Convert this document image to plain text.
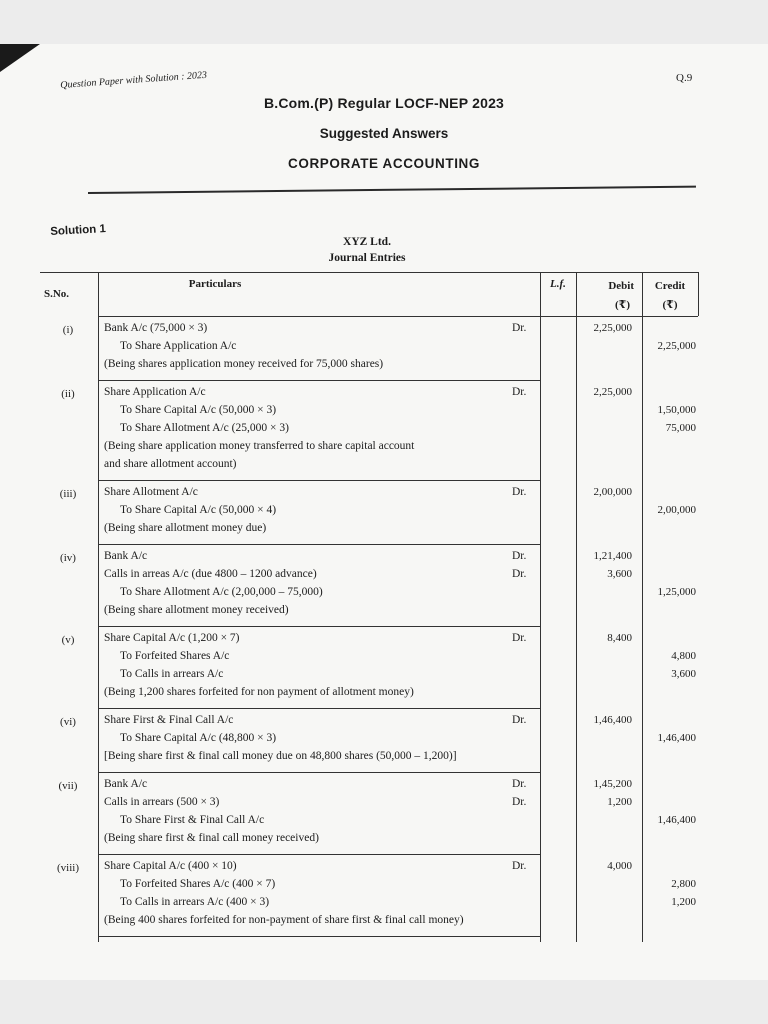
Question Paper with Solution : 2023	Q.9
B.Com.(P) Regular LOCF-NEP 2023
Suggested Answers
CORPORATE ACCOUNTING
Solution 1
XYZ Ltd.
Journal Entries
S.No.
Particulars	L.f.	Debit
(₹)
Credit
(₹)
(i)	Bank A/c (75,000 × 3)	Dr.	2,25,000
To Share Application A/c	2,25,000
(Being shares application money received for 75,000 shares)
(ii)	Share Application A/c	Dr.	2,25,000
To Share Capital A/c (50,000 × 3)	1,50,000
To Share Allotment A/c (25,000 × 3)	75,000
(Being share application money transferred to share capital account
and share allotment account)
(iii)	Share Allotment A/c	Dr.	2,00,000
To Share Capital A/c (50,000 × 4)	2,00,000
(Being share allotment money due)
(iv)	Bank A/c	Dr.	1,21,400
Calls in arreas A/c (due 4800 – 1200 advance)	Dr.	3,600
To Share Allotment A/c (2,00,000 – 75,000)	1,25,000
(Being share allotment money received)
(v)	Share Capital A/c (1,200 × 7)	Dr.	8,400
To Forfeited Shares A/c	4,800
To Calls in arrears A/c	3,600
(Being 1,200 shares forfeited for non payment of allotment money)
(vi)	Share First & Final Call A/c	Dr.	1,46,400
To Share Capital A/c (48,800 × 3)	1,46,400
[Being share first & final call money due on 48,800 shares (50,000 – 1,200)]
(vii)	Bank A/c	Dr.	1,45,200
Calls in arrears (500 × 3)	Dr.	1,200
To Share First & Final Call A/c	1,46,400
(Being share first & final call money received)
(viii)	Share Capital A/c (400 × 10)	Dr.	4,000
To Forfeited Shares A/c (400 × 7)	2,800
To Calls in arrears A/c (400 × 3)	1,200
(Being 400 shares forfeited for non-payment of share first & final call money)
